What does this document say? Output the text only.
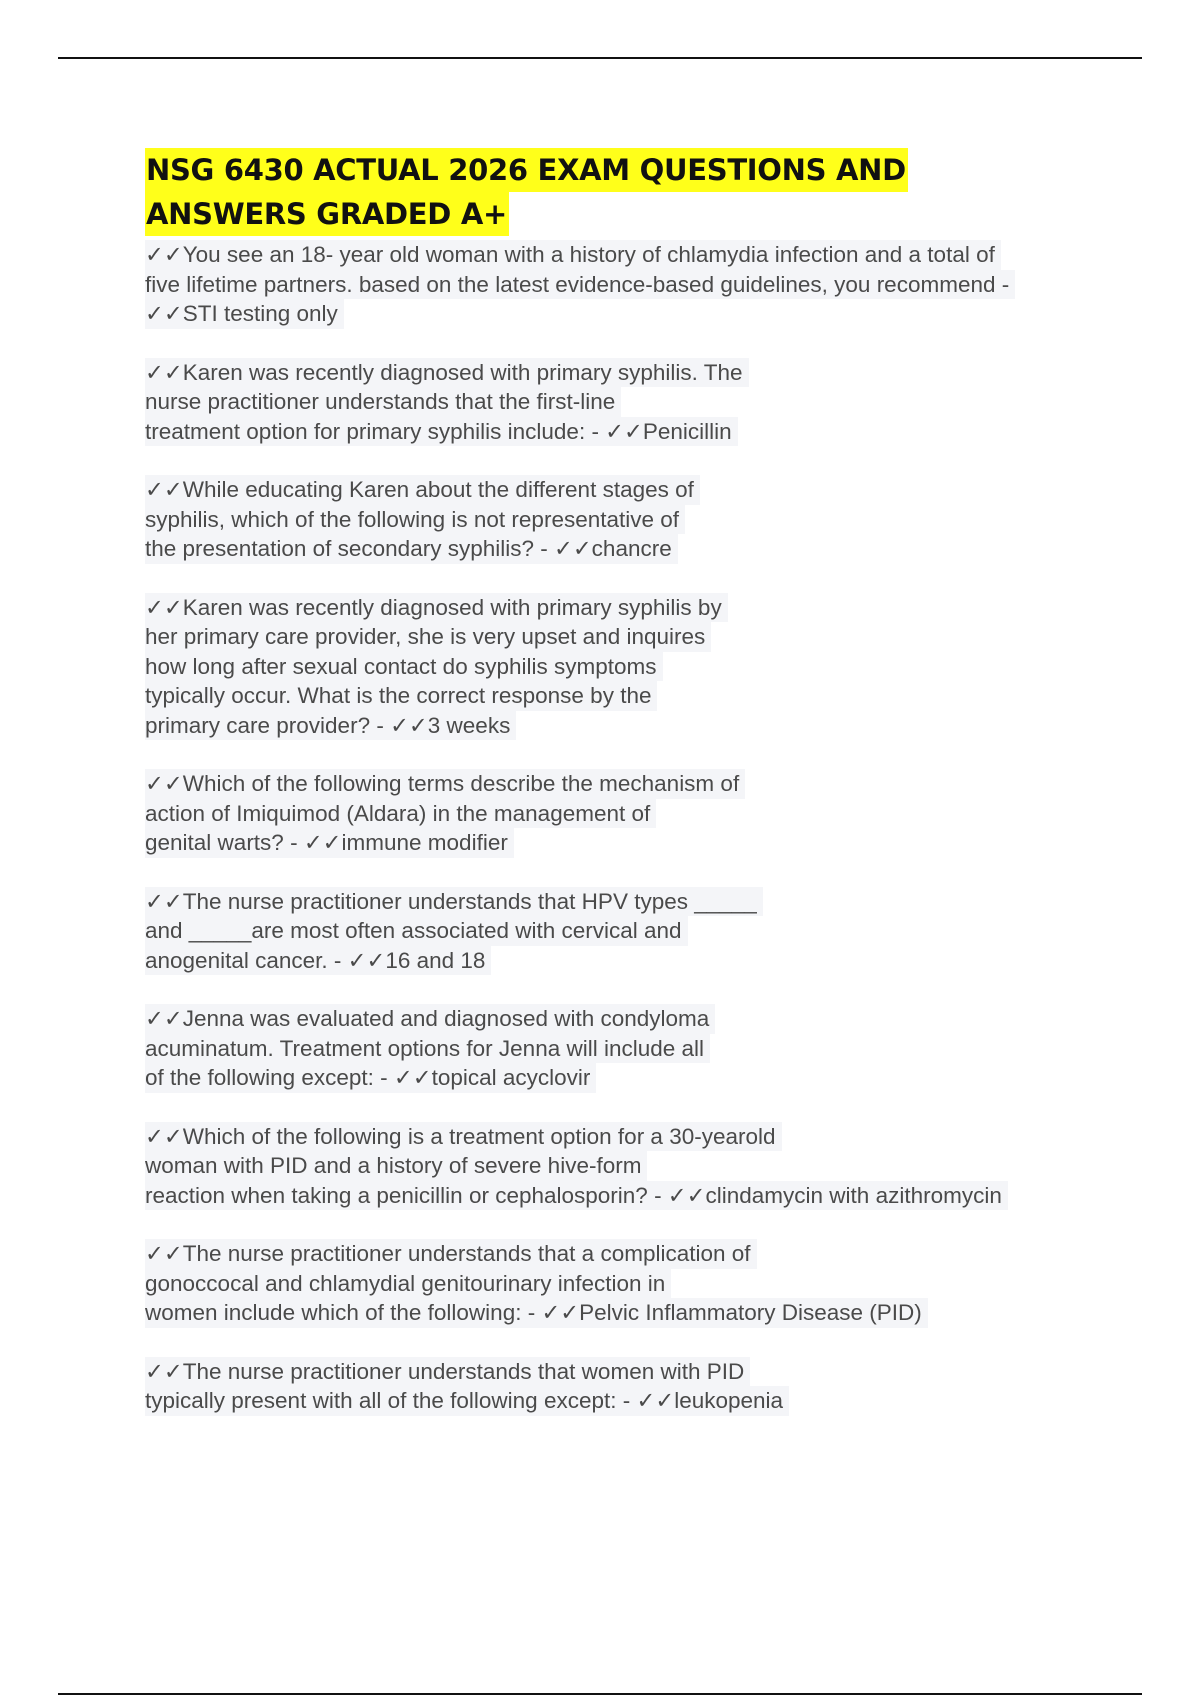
NSG 6430 ACTUAL 2026 EXAM QUESTIONS AND
ANSWERS GRADED A+

✓✓You see an 18- year old woman with a history of chlamydia infection and a total of
five lifetime partners. based on the latest evidence-based guidelines, you recommend -
✓✓STI testing only

✓✓Karen was recently diagnosed with primary syphilis. The
nurse practitioner understands that the first-line
treatment option for primary syphilis include: - ✓✓Penicillin

✓✓While educating Karen about the different stages of
syphilis, which of the following is not representative of
the presentation of secondary syphilis? - ✓✓chancre

✓✓Karen was recently diagnosed with primary syphilis by
her primary care provider, she is very upset and inquires
how long after sexual contact do syphilis symptoms
typically occur. What is the correct response by the
primary care provider? - ✓✓3 weeks

✓✓Which of the following terms describe the mechanism of
action of Imiquimod (Aldara) in the management of
genital warts? - ✓✓immune modifier

✓✓The nurse practitioner understands that HPV types _____
and _____are most often associated with cervical and
anogenital cancer. - ✓✓16 and 18

✓✓Jenna was evaluated and diagnosed with condyloma
acuminatum. Treatment options for Jenna will include all
of the following except: - ✓✓topical acyclovir

✓✓Which of the following is a treatment option for a 30-yearold
woman with PID and a history of severe hive-form
reaction when taking a penicillin or cephalosporin? - ✓✓clindamycin with azithromycin

✓✓The nurse practitioner understands that a complication of
gonoccocal and chlamydial genitourinary infection in
women include which of the following: - ✓✓Pelvic Inflammatory Disease (PID)

✓✓The nurse practitioner understands that women with PID
typically present with all of the following except: - ✓✓leukopenia
